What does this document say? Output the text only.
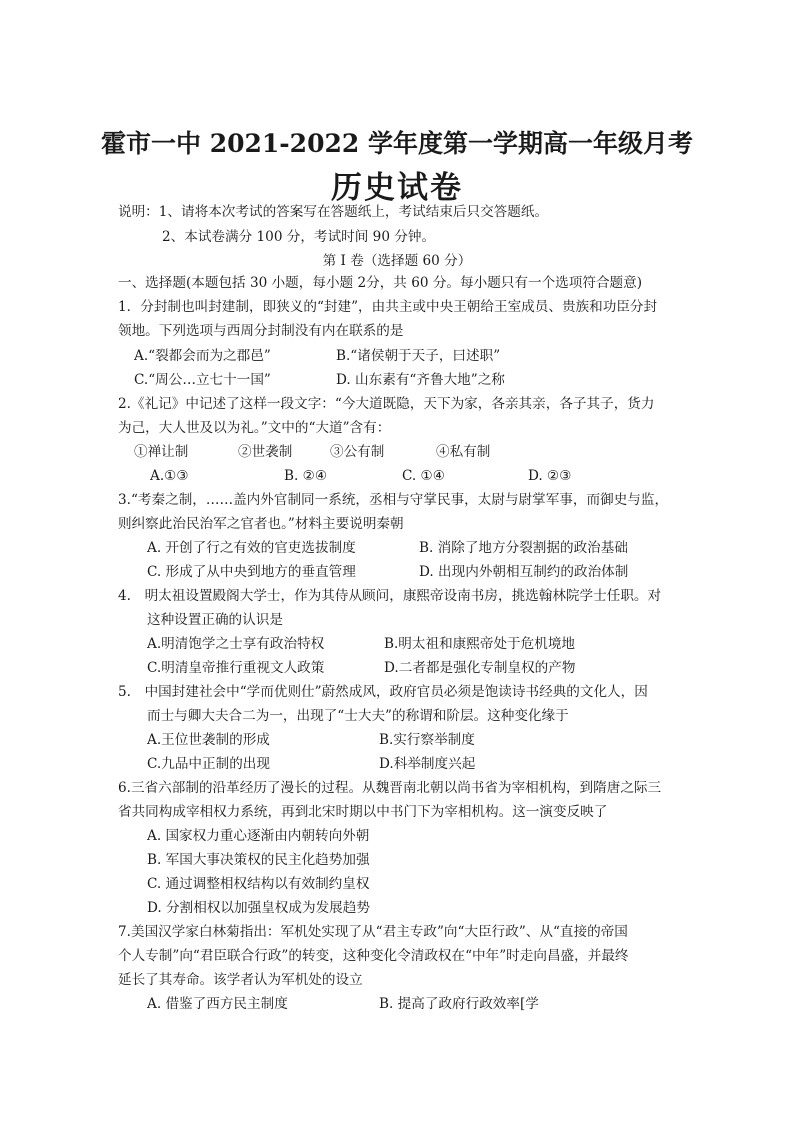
霍市一中 2021-2022 学年度第一学期高一年级月考
历史试卷
说明：1、请将本次考试的答案写在答题纸上，考试结束后只交答题纸。
2、本试卷满分 100 分，考试时间 90 分钟。
第 I 卷（选择题 60 分）
一、选择题(本题包括 30 小题，每小题 2分，共 60 分。每小题只有一个选项符合题意)
1．分封制也叫封建制，即狭义的“封建”，由共主或中央王朝给王室成员、贵族和功臣分封
领地。下列选项与西周分封制没有内在联系的是
A.“裂都会而为之郡邑”	B.“诸侯朝于天子，曰述职”
C.“周公…立七十一国”	D. 山东素有“齐鲁大地”之称
2.《礼记》中记述了这样一段文字：“今大道既隐，天下为家，各亲其亲，各子其子，货力
为己，大人世及以为礼。”文中的“大道”含有：
①禅让制	②世袭制	③公有制	④私有制
A.①③	B. ②④	C. ①④	D. ②③
3.“考秦之制，……盖内外官制同一系统，丞相与守掌民事，太尉与尉掌军事，而御史与监，
则纠察此治民治军之官者也。”材料主要说明秦朝
A. 开创了行之有效的官吏选拔制度	B. 消除了地方分裂割据的政治基础
C. 形成了从中央到地方的垂直管理	D. 出现内外朝相互制约的政治体制
4.　明太祖设置殿阁大学士，作为其侍从顾问，康熙帝设南书房，挑选翰林院学士任职。对
这种设置正确的认识是
A.明清饱学之士享有政治特权	B.明太祖和康熙帝处于危机境地
C.明清皇帝推行重视文人政策	D.二者都是强化专制皇权的产物
5.　中国封建社会中“学而优则仕”蔚然成风，政府官员必须是饱读诗书经典的文化人，因
而士与卿大夫合二为一，出现了“士大夫”的称谓和阶层。这种变化缘于
A.王位世袭制的形成	B.实行察举制度
C.九品中正制的出现	D.科举制度兴起
6.三省六部制的沿革经历了漫长的过程。从魏晋南北朝以尚书省为宰相机构，到隋唐之际三
省共同构成宰相权力系统，再到北宋时期以中书门下为宰相机构。这一演变反映了
A. 国家权力重心逐渐由内朝转向外朝
B. 军国大事决策权的民主化趋势加强
C. 通过调整相权结构以有效制约皇权
D. 分割相权以加强皇权成为发展趋势
7.美国汉学家白林菊指出：军机处实现了从“君主专政”向“大臣行政”、从“直接的帝国
个人专制”向“君臣联合行政”的转变，这种变化令清政权在“中年”时走向昌盛，并最终
延长了其寿命。该学者认为军机处的设立
A. 借鉴了西方民主制度	B. 提高了政府行政效率[学
